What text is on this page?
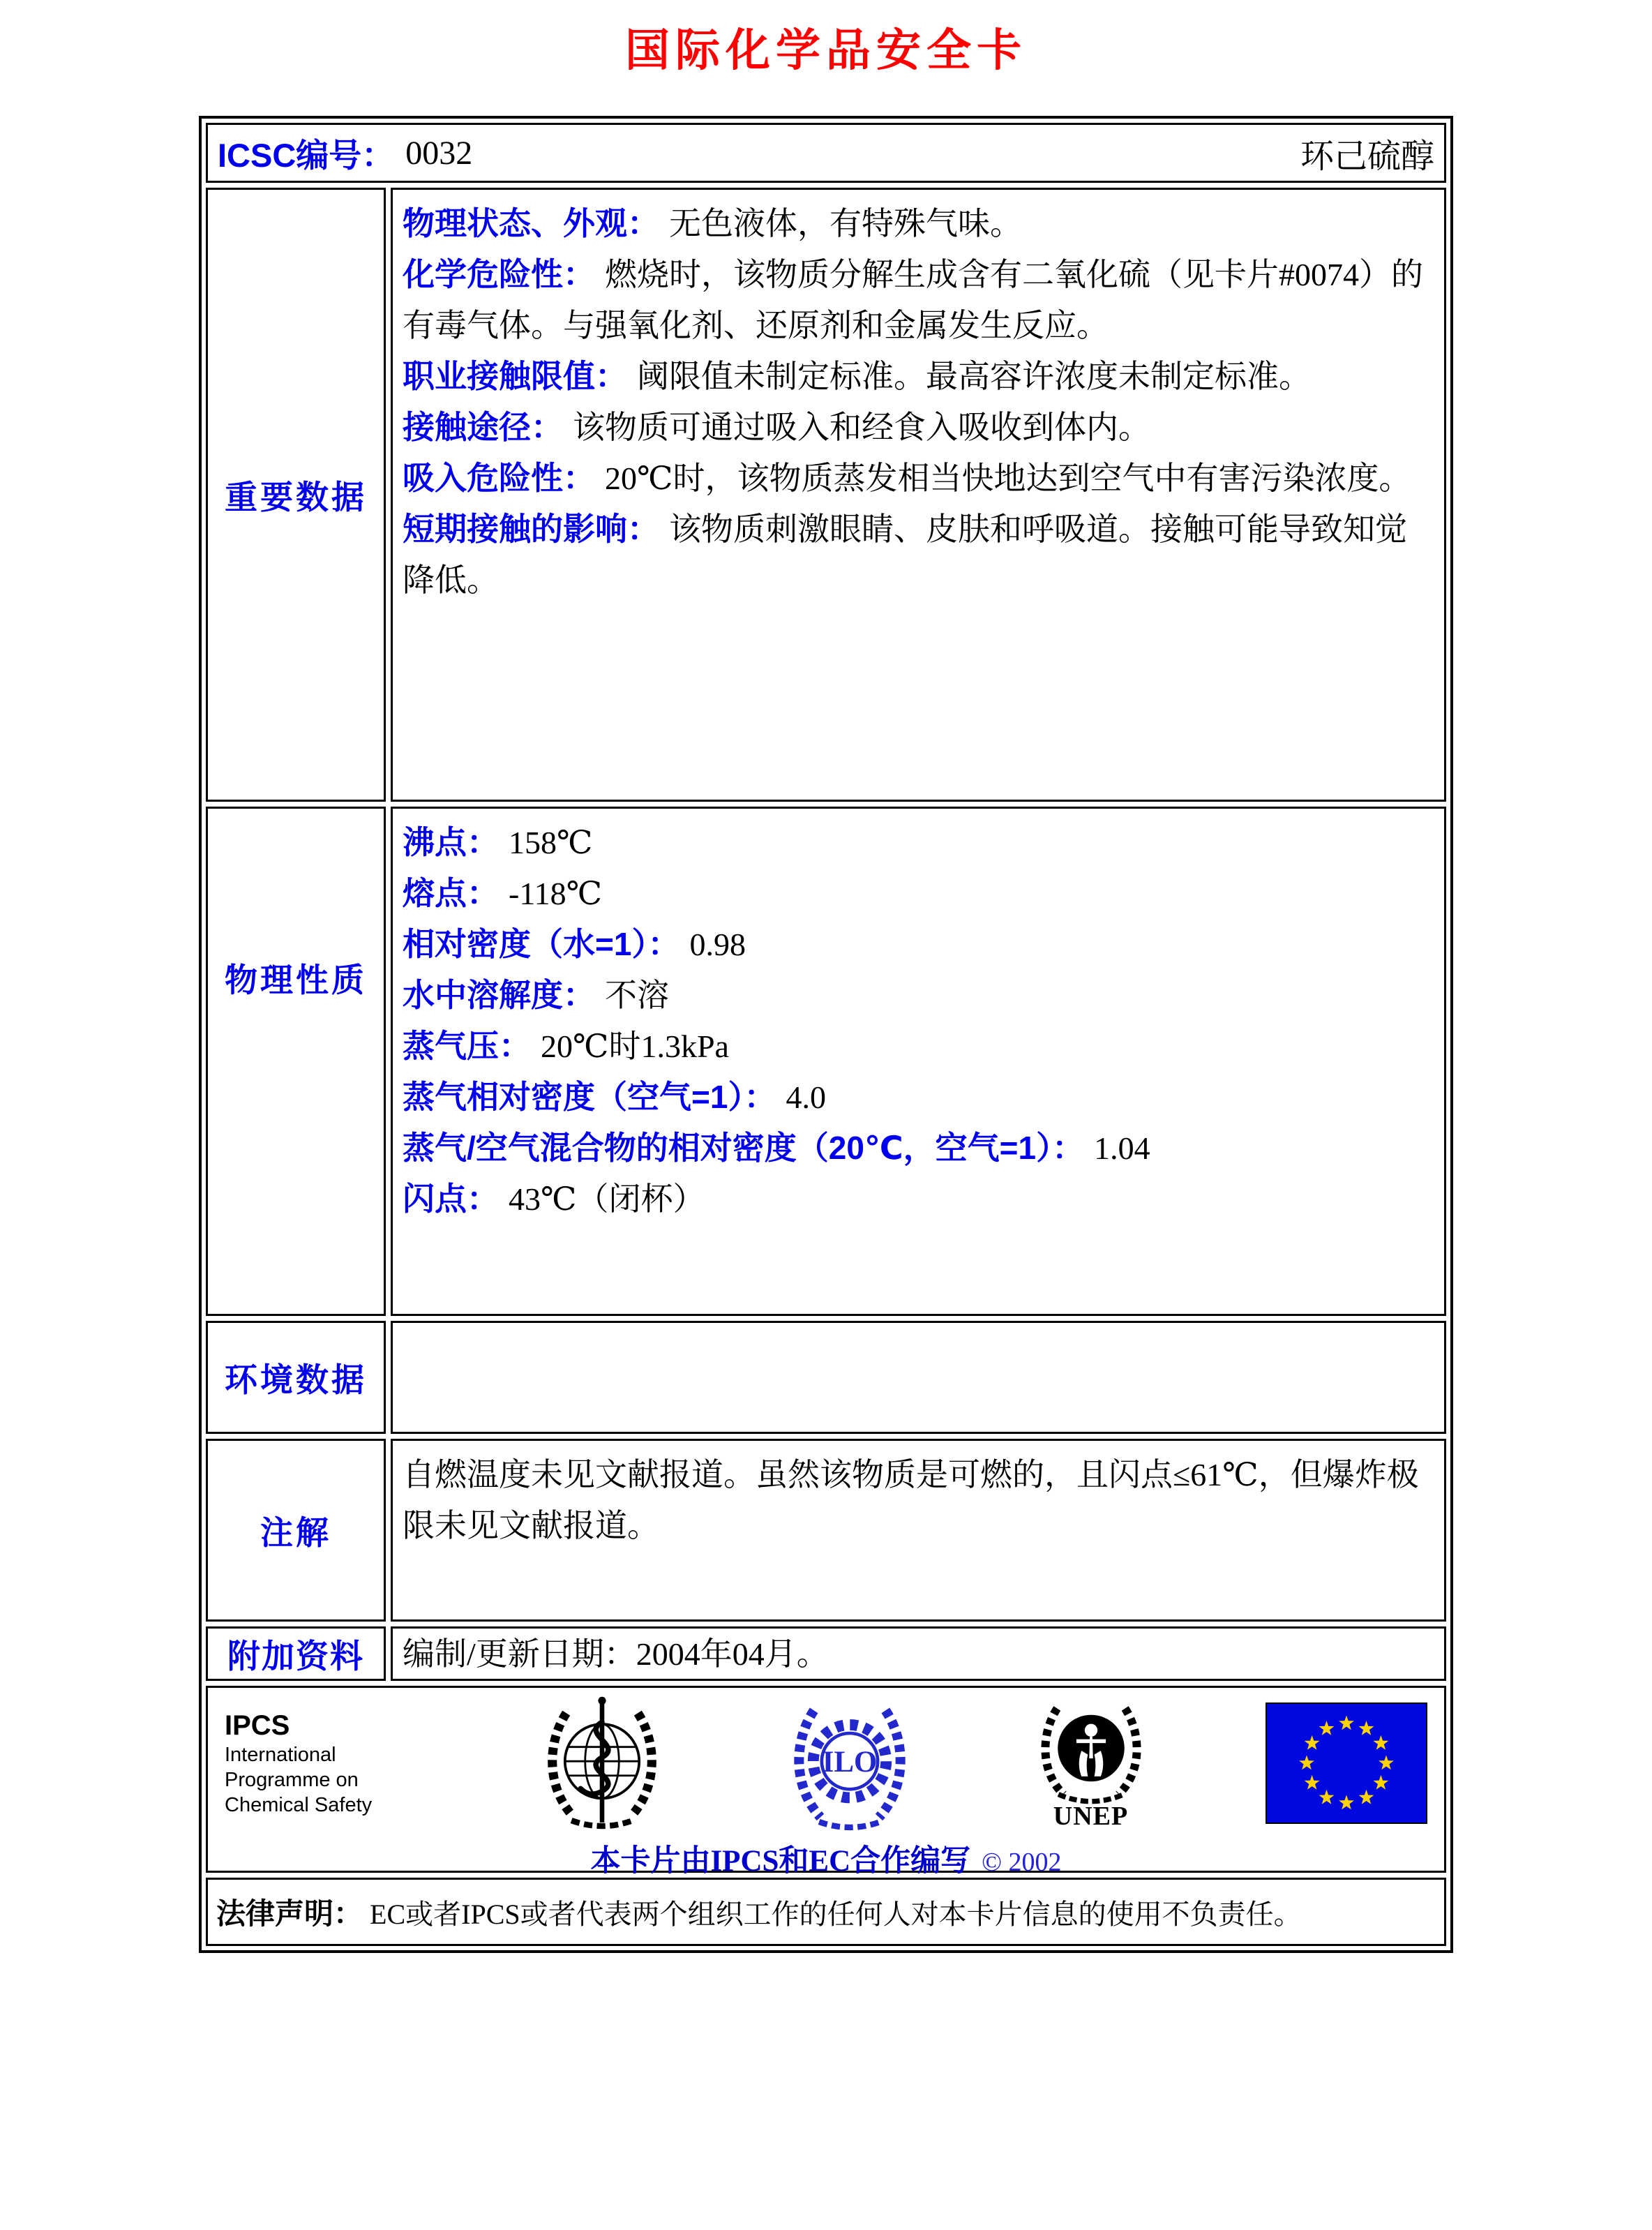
国际化学品安全卡
ICSC编号： 0032	环己硫醇
重要数据

物理状态、外观： 无色液体，有特殊气味。

化学危险性： 燃烧时，该物质分解生成含有二氧化硫（见卡片#0074）的有毒气体。与强氧化剂、还原剂和金属发生反应。

职业接触限值： 阈限值未制定标准。最高容许浓度未制定标准。

接触途径： 该物质可通过吸入和经食入吸收到体内。

吸入危险性： 20℃时，该物质蒸发相当快地达到空气中有害污染浓度。

短期接触的影响： 该物质刺激眼睛、皮肤和呼吸道。接触可能导致知觉降低。

物理性质

沸点： 158℃

熔点： -118℃

相对密度（水=1）： 0.98

水中溶解度： 不溶

蒸气压： 20℃时1.3kPa

蒸气相对密度（空气=1）： 4.0

蒸气/空气混合物的相对密度（20℃，空气=1）： 1.04

闪点： 43℃（闭杯）

环境数据
注解

自燃温度未见文献报道。虽然该物质是可燃的，且闪点≤61℃，但爆炸极限未见文献报道。

附加资料 编制/更新日期：2004年04月。

IPCS
International
Programme on
Chemical Safety
ILO
UNEP
本卡片由IPCS和EC合作编写 © 2002
法律声明： EC或者IPCS或者代表两个组织工作的任何人对本卡片信息的使用不负责任。
